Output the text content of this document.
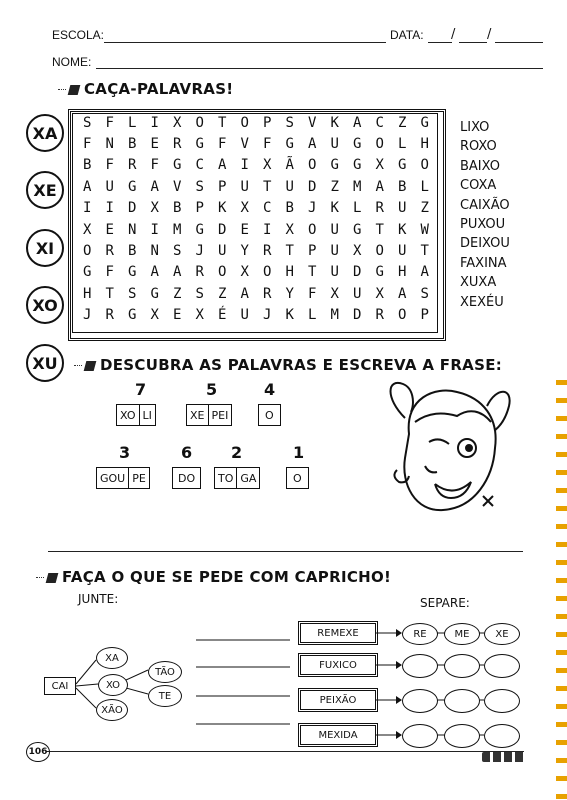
ESCOLA:	DATA: / /
NOME:
CAÇA-PALAVRAS!
XA
XE
XI
XO
XU
S	F	L	I	X	O	T	O	P	S	V	K	A	C	Z	G
F	N	B	E	R	G	F	V	F	G	A	U	G	O	L	H
B	F	R	F	G	C	A	I	X	Ã	O	G	G	X	G	O
A	U	G	A	V	S	P	U	T	U	D	Z	M	A	B	L
I	I	D	X	B	P	K	X	C	B	J	K	L	R	U	Z
X	E	N	I	M	G	D	E	I	X	O	U	G	T	K	W
O	R	B	N	S	J	U	Y	R	T	P	U	X	O	U	T
G	F	G	A	A	R	O	X	O	H	T	U	D	G	H	A
H	T	S	G	Z	S	Z	A	R	Y	F	X	U	X	A	S
J	R	G	X	E	X	É	U	J	K	L	M	D	R	O	P
LIXO
ROXO
BAIXO
COXA
CAIXÃO
PUXOU
DEIXOU
FAXINA
XUXA
XEXÉU
DESCUBRA AS PALAVRAS E ESCREVA A FRASE:
7
XO LI
5
XE PEI
4
O
3
GOU PE
6
DO
2
TO GA
1
O
FAÇA O QUE SE PEDE COM CAPRICHO!
JUNTE:	SEPARE:
CAI
XA
XO
XÃO
TÃO
TE
REMEXE	RE	ME	XE
FUXICO
PEIXÃO
MEXIDA
106
